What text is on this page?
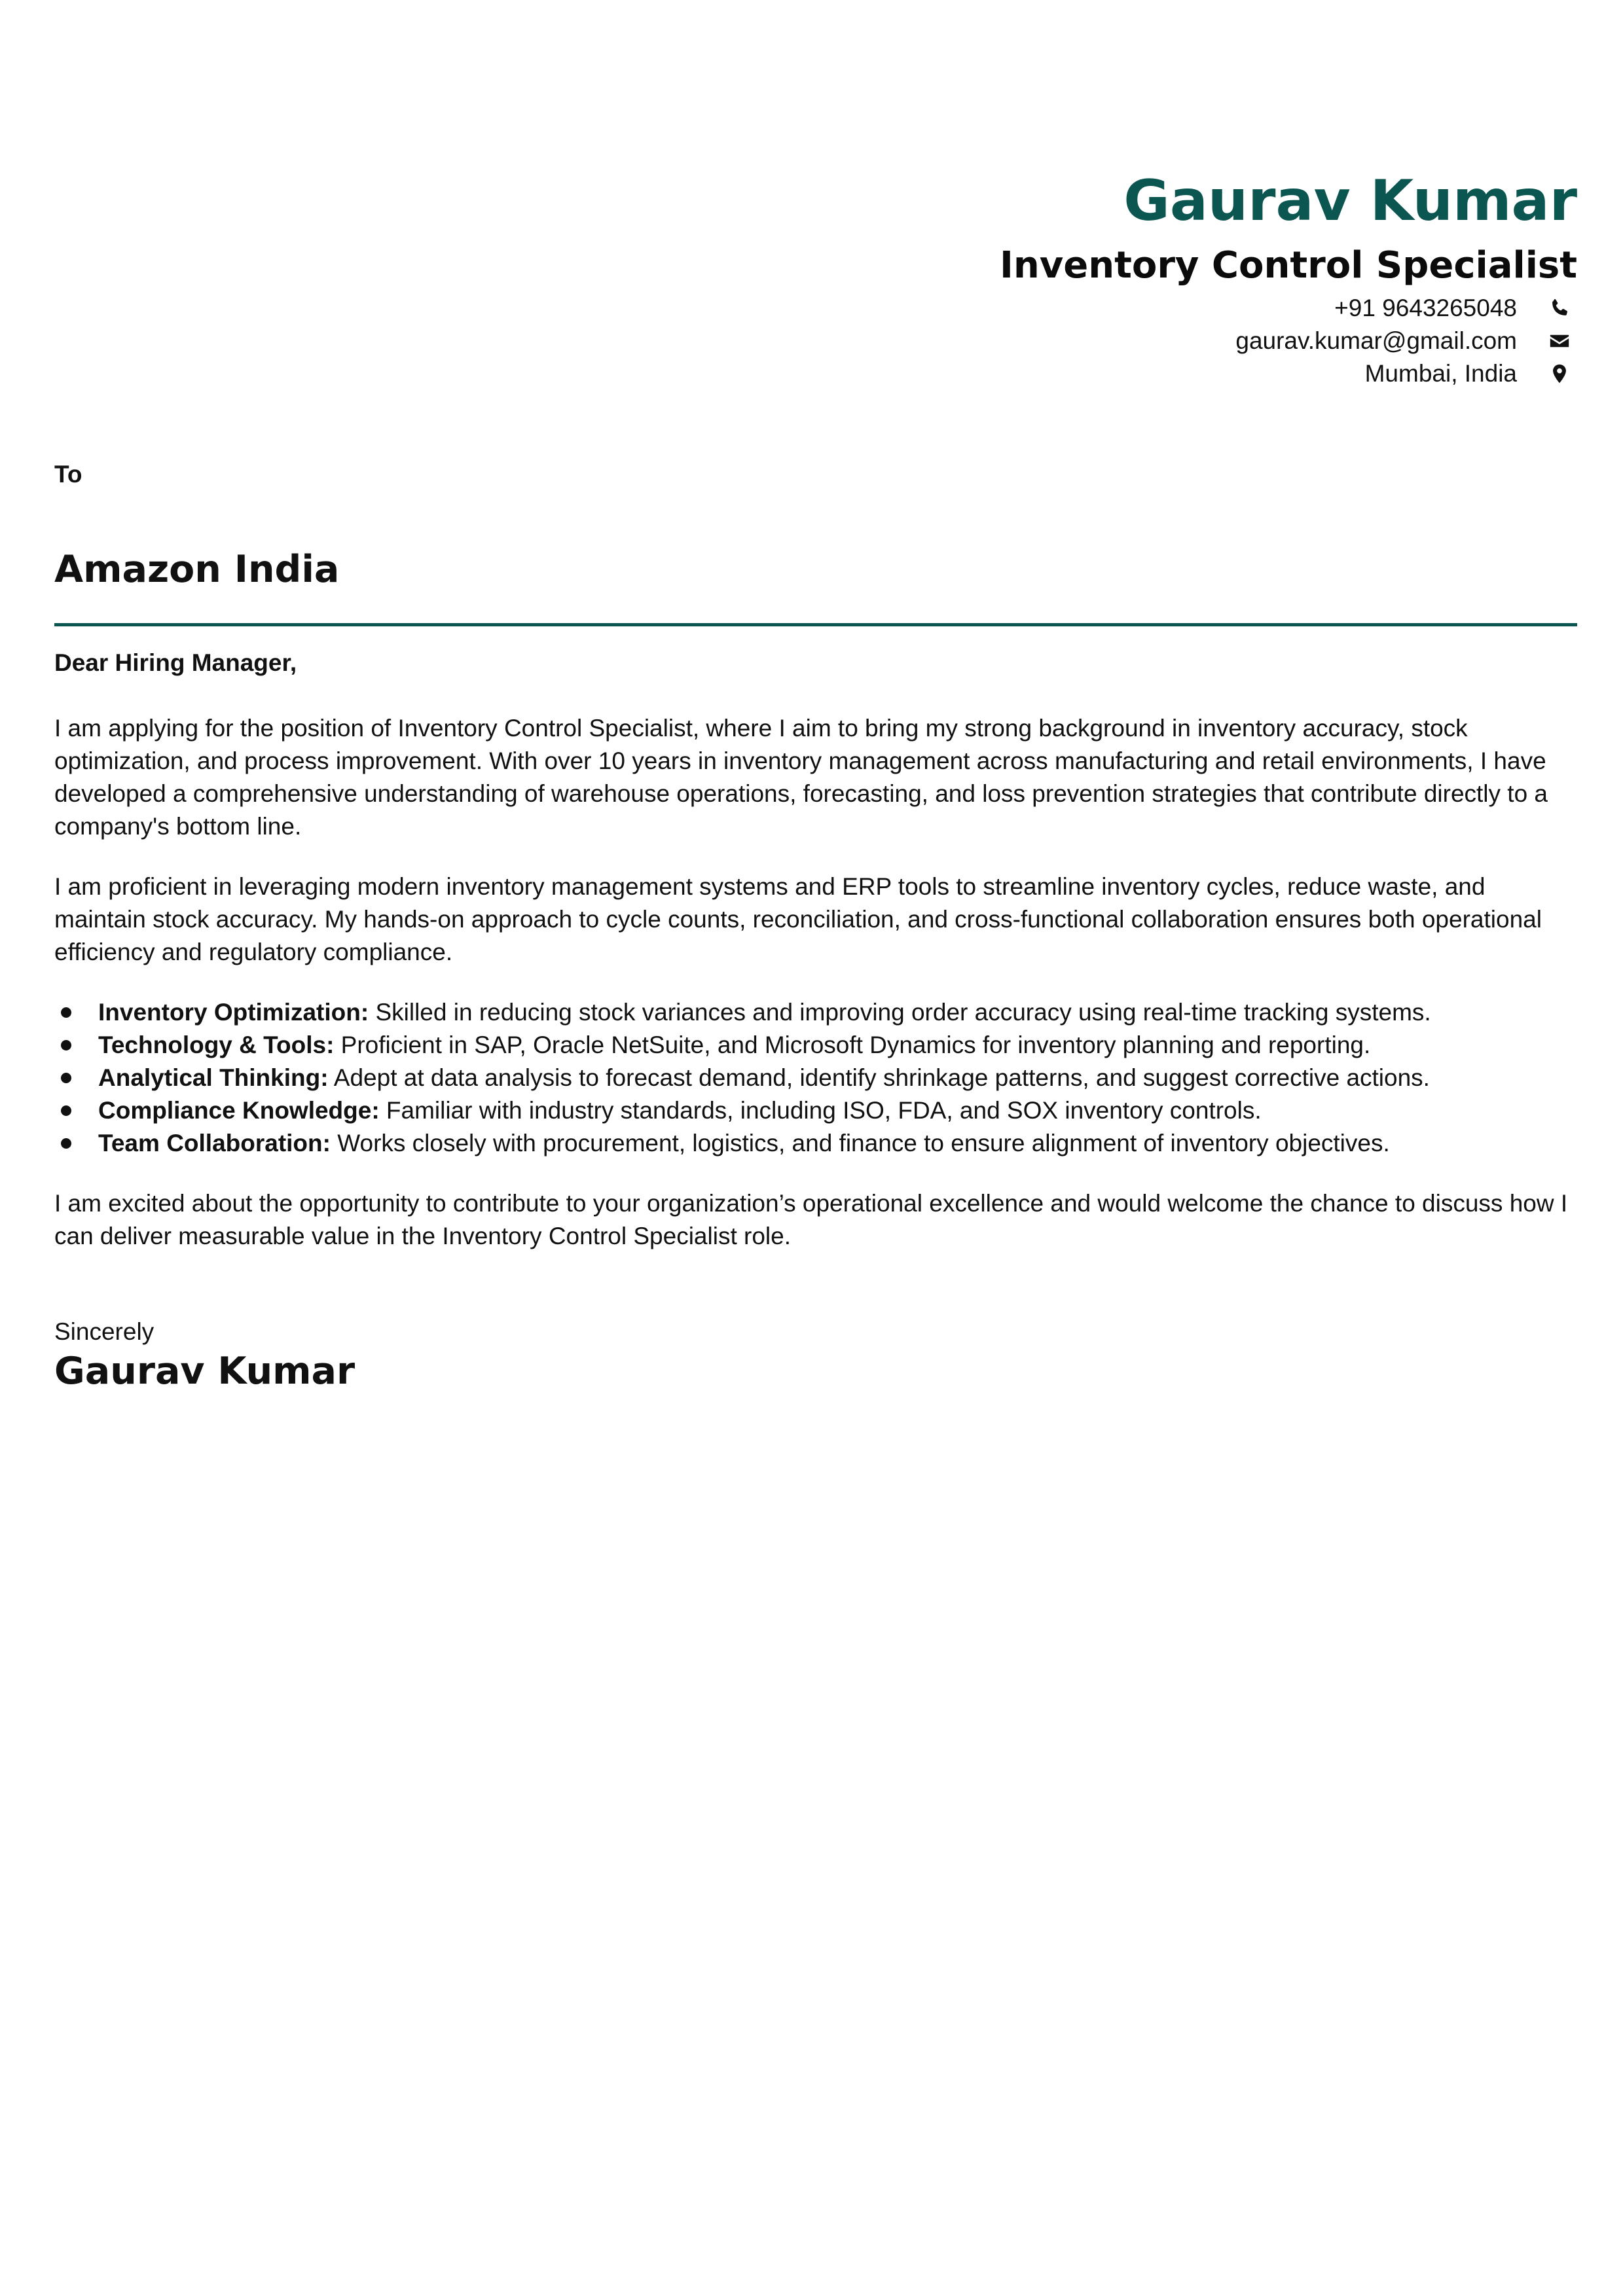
Gaurav Kumar
Inventory Control Specialist
+91 9643265048
gaurav.kumar@gmail.com
Mumbai, India
To
Amazon India

Dear Hiring Manager,

I am applying for the position of Inventory Control Specialist, where I aim to bring my strong background in inventory accuracy, stock optimization, and process improvement. With over 10 years in inventory management across manufacturing and retail environments, I have developed a comprehensive understanding of warehouse operations, forecasting, and loss prevention strategies that contribute directly to a company's bottom line.

I am proficient in leveraging modern inventory management systems and ERP tools to streamline inventory cycles, reduce waste, and maintain stock accuracy. My hands-on approach to cycle counts, reconciliation, and cross-functional collaboration ensures both operational efficiency and regulatory compliance.

Inventory Optimization: Skilled in reducing stock variances and improving order accuracy using real-time tracking systems.
Technology & Tools: Proficient in SAP, Oracle NetSuite, and Microsoft Dynamics for inventory planning and reporting.
Analytical Thinking: Adept at data analysis to forecast demand, identify shrinkage patterns, and suggest corrective actions.
Compliance Knowledge: Familiar with industry standards, including ISO, FDA, and SOX inventory controls.
Team Collaboration: Works closely with procurement, logistics, and finance to ensure alignment of inventory objectives.

I am excited about the opportunity to contribute to your organization’s operational excellence and would welcome the chance to discuss how I can deliver measurable value in the Inventory Control Specialist role.

Sincerely
Gaurav Kumar
